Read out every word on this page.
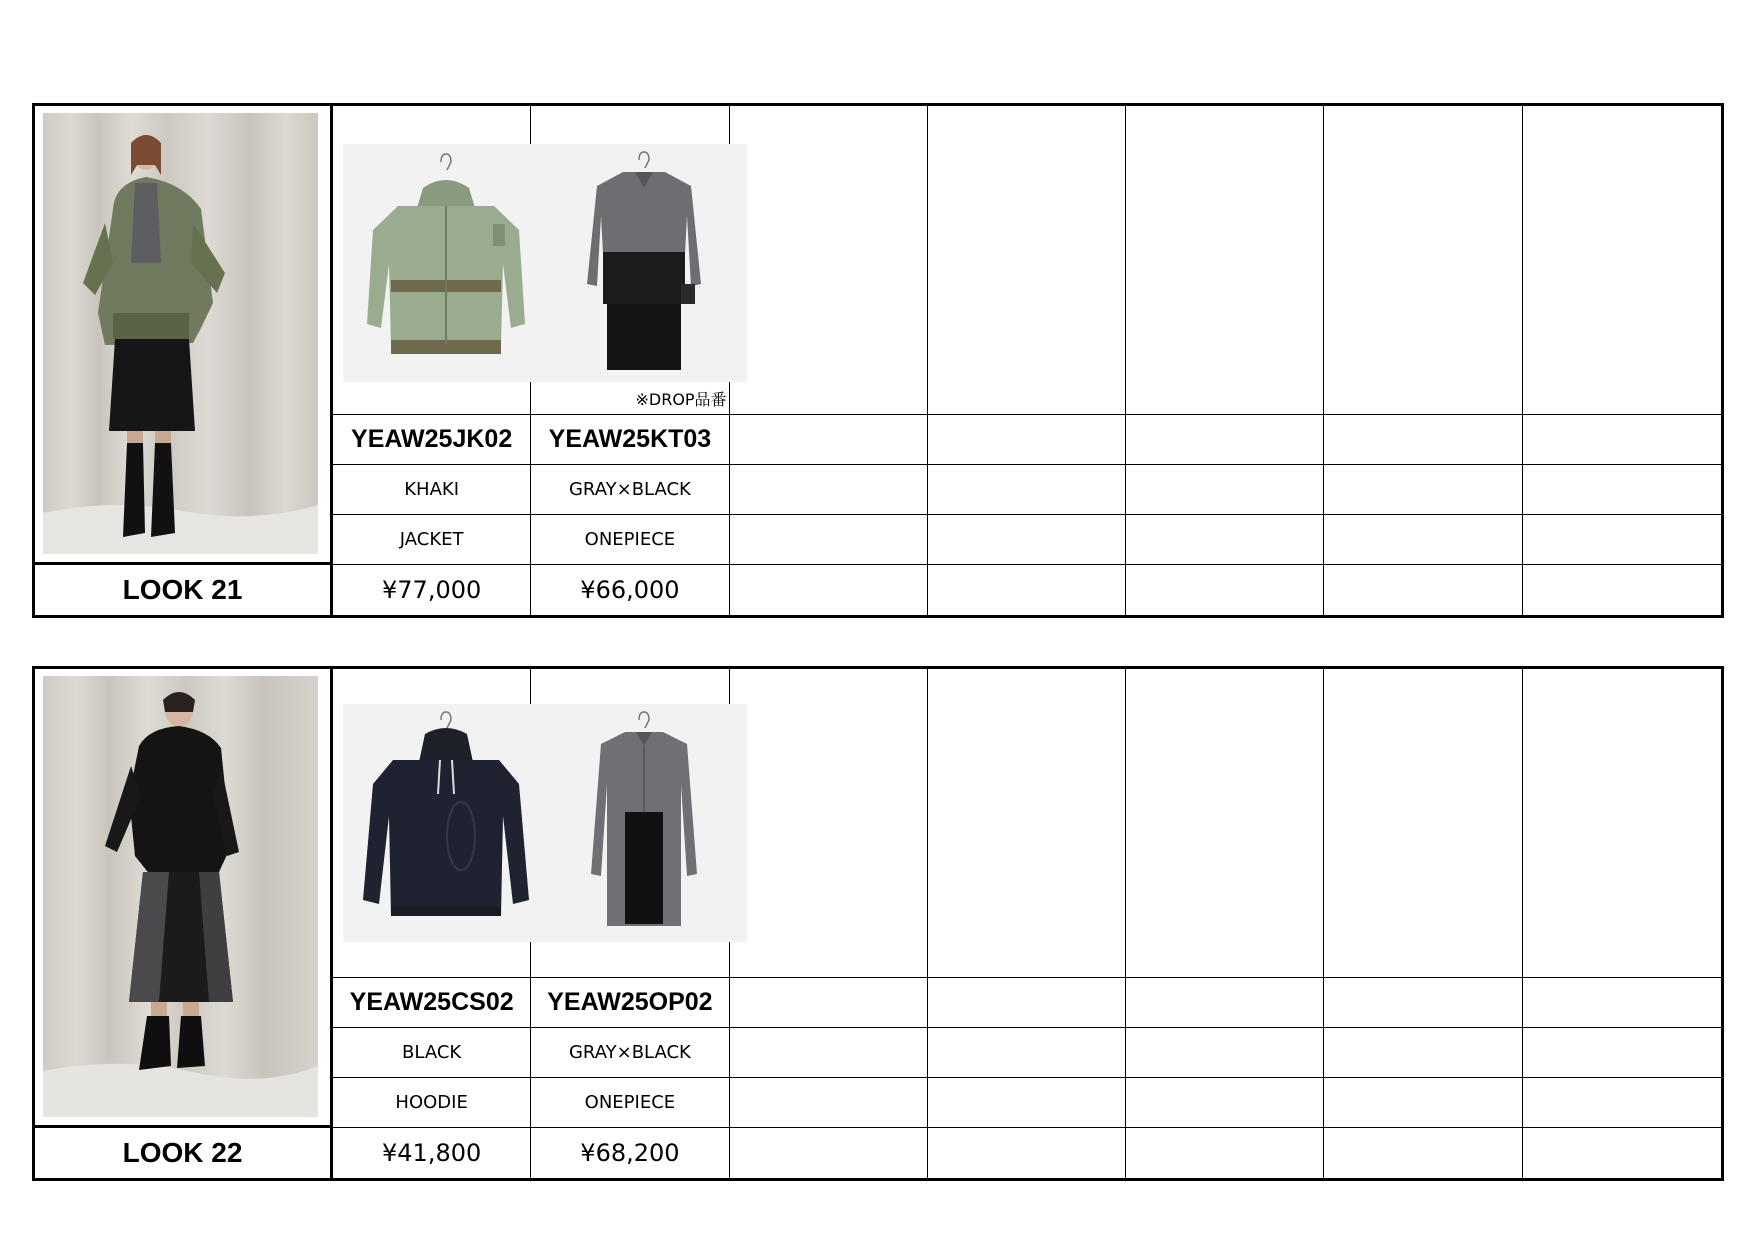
※DROP品番
YEAW25JK02 YEAW25KT03
KHAKI	GRAY×BLACK
JACKET	ONEPIECE
LOOK 21	¥77,000	¥66,000
YEAW25CS02 YEAW25OP02
BLACK	GRAY×BLACK
HOODIE	ONEPIECE
LOOK 22	¥41,800	¥68,200
